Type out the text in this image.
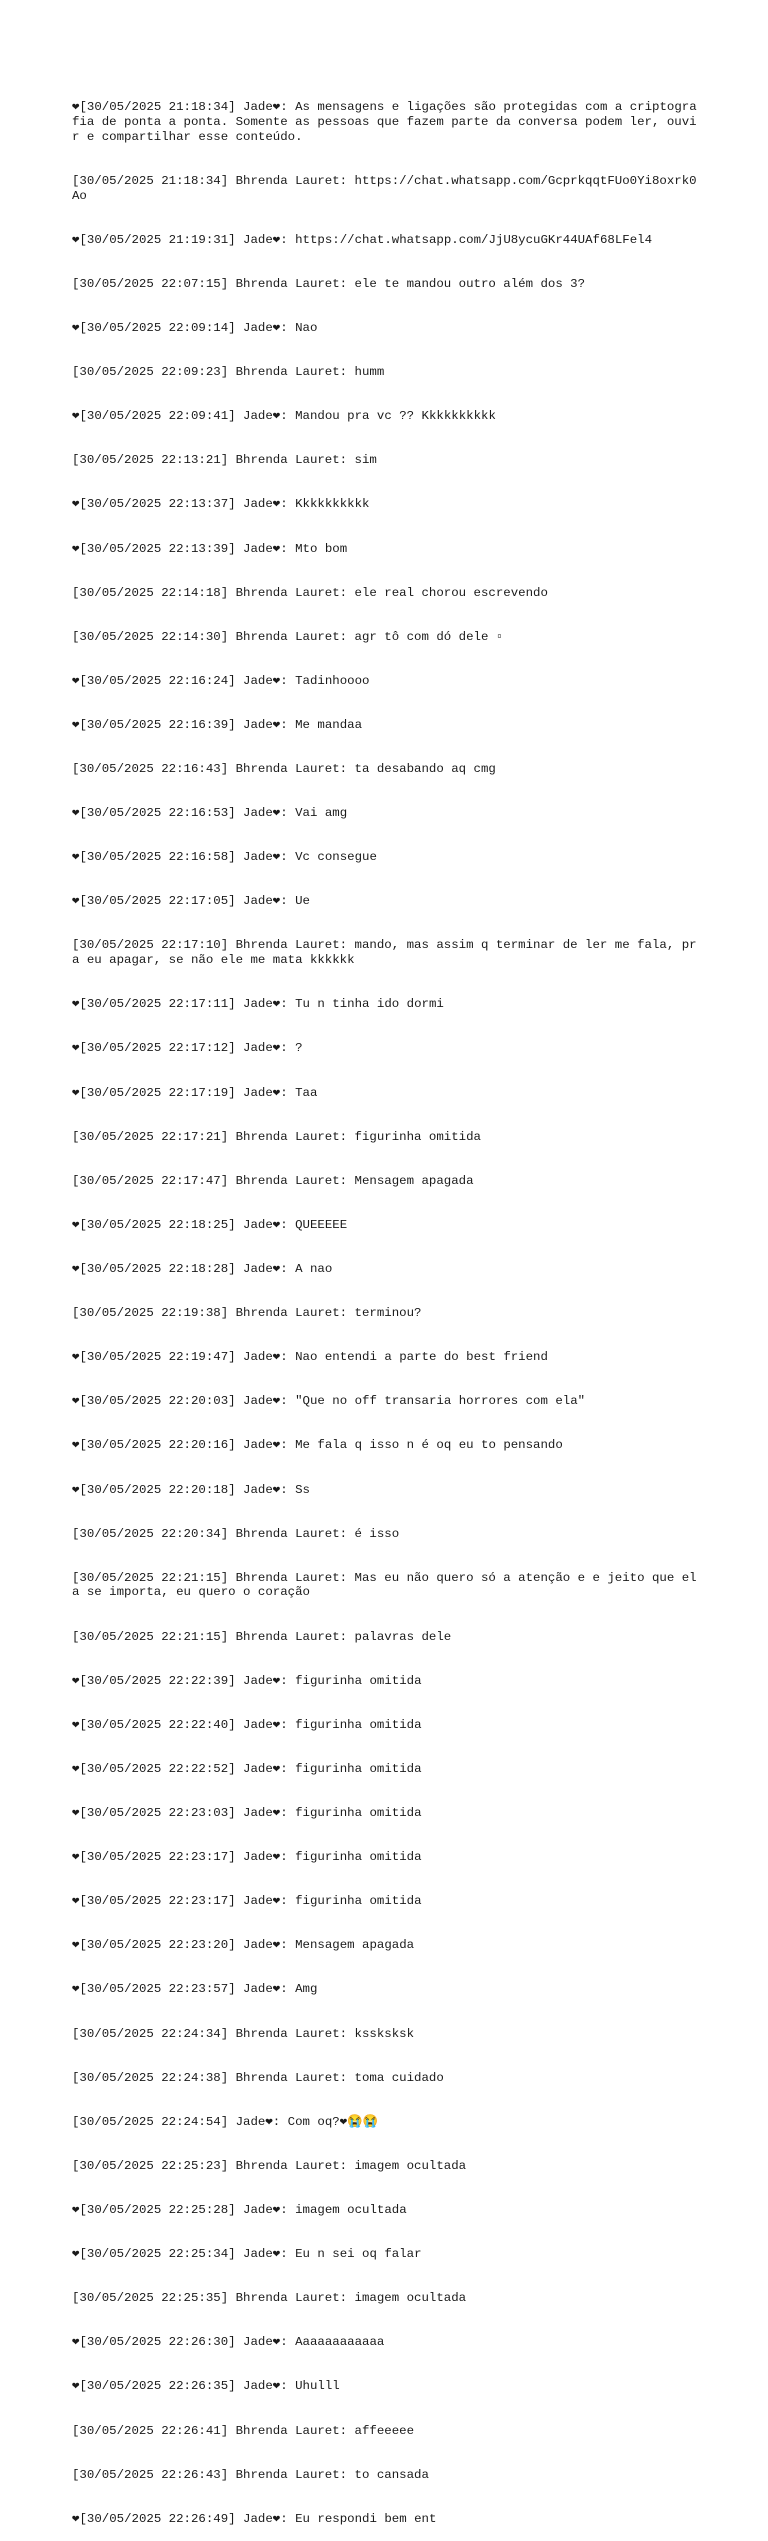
❤[30/05/2025 21:18:34] Jade❤: As mensagens e ligações são protegidas com a criptografia de ponta a ponta. Somente as pessoas que fazem parte da conversa podem ler, ouvir e compartilhar esse conteúdo.

[30/05/2025 21:18:34] Bhrenda Lauret: https://chat.whatsapp.com/GcprkqqtFUo0Yi8oxrk0Ao

❤[30/05/2025 21:19:31] Jade❤: https://chat.whatsapp.com/JjU8ycuGKr44UAf68LFel4

[30/05/2025 22:07:15] Bhrenda Lauret: ele te mandou outro além dos 3?

❤[30/05/2025 22:09:14] Jade❤: Nao

[30/05/2025 22:09:23] Bhrenda Lauret: humm

❤[30/05/2025 22:09:41] Jade❤: Mandou pra vc ?? Kkkkkkkkkk

[30/05/2025 22:13:21] Bhrenda Lauret: sim

❤[30/05/2025 22:13:37] Jade❤: Kkkkkkkkkk

❤[30/05/2025 22:13:39] Jade❤: Mto bom

[30/05/2025 22:14:18] Bhrenda Lauret: ele real chorou escrevendo

[30/05/2025 22:14:30] Bhrenda Lauret: agr tô com dó dele ▫

❤[30/05/2025 22:16:24] Jade❤: Tadinhoooo

❤[30/05/2025 22:16:39] Jade❤: Me mandaa

[30/05/2025 22:16:43] Bhrenda Lauret: ta desabando aq cmg

❤[30/05/2025 22:16:53] Jade❤: Vai amg

❤[30/05/2025 22:16:58] Jade❤: Vc consegue

❤[30/05/2025 22:17:05] Jade❤: Ue

[30/05/2025 22:17:10] Bhrenda Lauret: mando, mas assim q terminar de ler me fala, pra eu apagar, se não ele me mata kkkkkk

❤[30/05/2025 22:17:11] Jade❤: Tu n tinha ido dormi

❤[30/05/2025 22:17:12] Jade❤: ?

❤[30/05/2025 22:17:19] Jade❤: Taa

[30/05/2025 22:17:21] Bhrenda Lauret: figurinha omitida

[30/05/2025 22:17:47] Bhrenda Lauret: Mensagem apagada

❤[30/05/2025 22:18:25] Jade❤: QUEEEEE

❤[30/05/2025 22:18:28] Jade❤: A nao

[30/05/2025 22:19:38] Bhrenda Lauret: terminou?

❤[30/05/2025 22:19:47] Jade❤: Nao entendi a parte do best friend

❤[30/05/2025 22:20:03] Jade❤: "Que no off transaria horrores com ela"

❤[30/05/2025 22:20:16] Jade❤: Me fala q isso n é oq eu to pensando

❤[30/05/2025 22:20:18] Jade❤: Ss

[30/05/2025 22:20:34] Bhrenda Lauret: é isso

[30/05/2025 22:21:15] Bhrenda Lauret: Mas eu não quero só a atenção e e jeito que ela se importa, eu quero o coração

[30/05/2025 22:21:15] Bhrenda Lauret: palavras dele

❤[30/05/2025 22:22:39] Jade❤: figurinha omitida

❤[30/05/2025 22:22:40] Jade❤: figurinha omitida

❤[30/05/2025 22:22:52] Jade❤: figurinha omitida

❤[30/05/2025 22:23:03] Jade❤: figurinha omitida

❤[30/05/2025 22:23:17] Jade❤: figurinha omitida

❤[30/05/2025 22:23:17] Jade❤: figurinha omitida

❤[30/05/2025 22:23:20] Jade❤: Mensagem apagada

❤[30/05/2025 22:23:57] Jade❤: Amg

[30/05/2025 22:24:34] Bhrenda Lauret: kssksksk

[30/05/2025 22:24:38] Bhrenda Lauret: toma cuidado

[30/05/2025 22:24:54] Jade❤: Com oq?❤😭😭

[30/05/2025 22:25:23] Bhrenda Lauret: imagem ocultada

❤[30/05/2025 22:25:28] Jade❤: imagem ocultada

❤[30/05/2025 22:25:34] Jade❤: Eu n sei oq falar

[30/05/2025 22:25:35] Bhrenda Lauret: imagem ocultada

❤[30/05/2025 22:26:30] Jade❤: Aaaaaaaaaaaa

❤[30/05/2025 22:26:35] Jade❤: Uhulll

[30/05/2025 22:26:41] Bhrenda Lauret: affeeeee

[30/05/2025 22:26:43] Bhrenda Lauret: to cansada

❤[30/05/2025 22:26:49] Jade❤: Eu respondi bem ent
